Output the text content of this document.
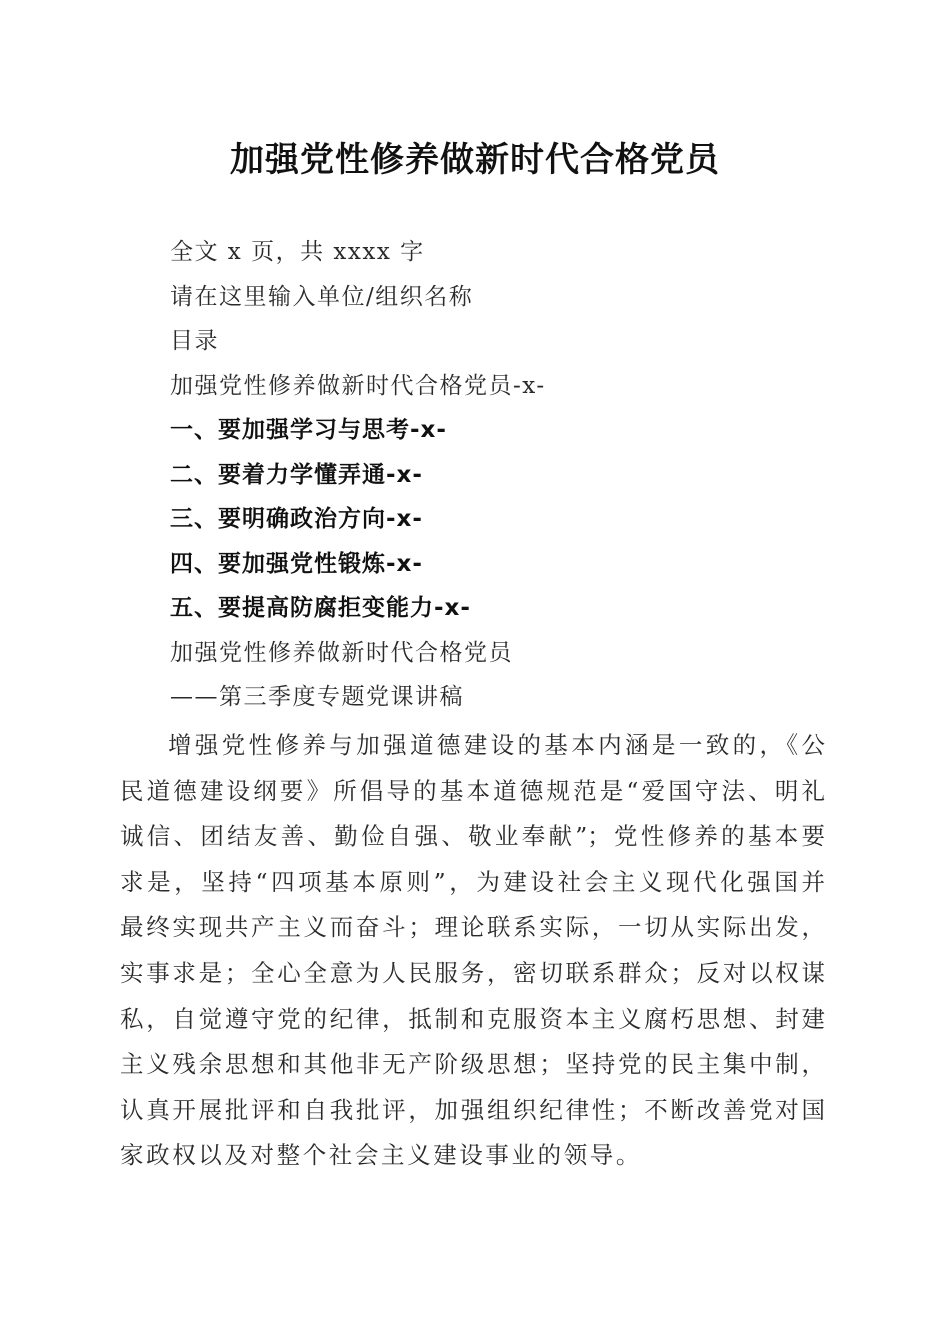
加强党性修养做新时代合格党员
全文 x 页，共 xxxx 字
请在这里输入单位/组织名称
目录
加强党性修养做新时代合格党员-x-
一、要加强学习与思考-x-
二、要着力学懂弄通-x-
三、要明确政治方向-x-
四、要加强党性锻炼-x-
五、要提高防腐拒变能力-x-
加强党性修养做新时代合格党员
——第三季度专题党课讲稿
增强党性修养与加强道德建设的基本内涵是一致的，《公
民道德建设纲要》所倡导的基本道德规范是“爱国守法、明礼
诚信、团结友善、勤俭自强、敬业奉献”；党性修养的基本要
求是，坚持“四项基本原则”，为建设社会主义现代化强国并
最终实现共产主义而奋斗；理论联系实际，一切从实际出发，
实事求是；全心全意为人民服务，密切联系群众；反对以权谋
私，自觉遵守党的纪律，抵制和克服资本主义腐朽思想、封建
主义残余思想和其他非无产阶级思想；坚持党的民主集中制，
认真开展批评和自我批评，加强组织纪律性；不断改善党对国
家政权以及对整个社会主义建设事业的领导。
